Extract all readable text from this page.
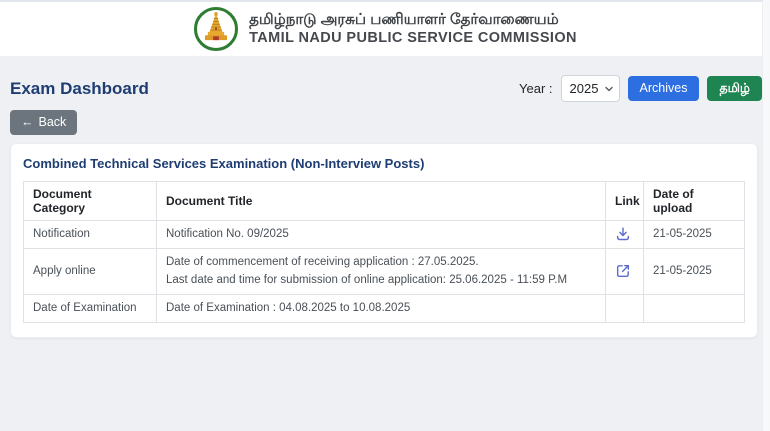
தமிழ்நாடு அரசுப் பணியாளர் தேர்வாணையம்
TAMIL NADU PUBLIC SERVICE COMMISSION
Exam Dashboard	Year :
2025	Archives	தமிழ்
← Back
Combined Technical Services Examination (Non-Interview Posts)
Document Category	Document Title	Link	Date of upload
Notification	Notification No. 09/2025		21-05-2025
Apply online	Date of commencement of receiving application : 27.05.2025.
Last date and time for submission of online application: 25.06.2025 - 11:59 P.M		21-05-2025
Date of Examination	Date of Examination : 04.08.2025 to 10.08.2025		
